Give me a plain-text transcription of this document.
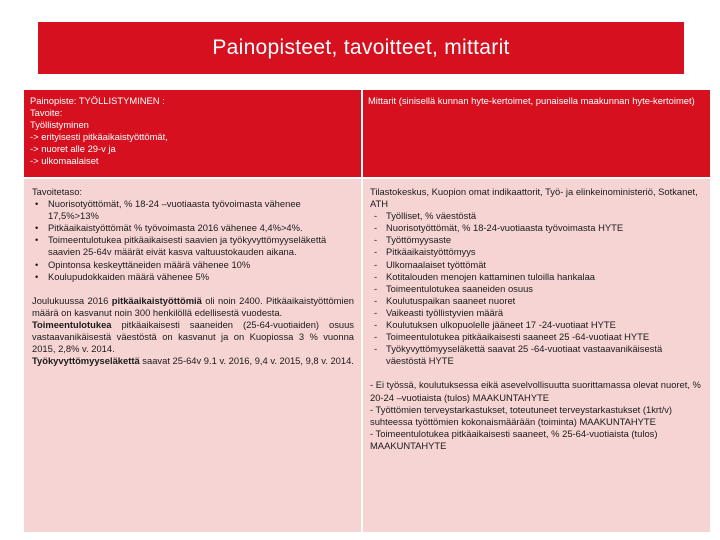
Painopisteet, tavoitteet, mittarit

Painopiste: TYÖLLISTYMINEN :

Tavoite:

Työllistyminen

-> erityisesti pitkäaikaistyöttömät,

-> nuoret alle 29-v ja

-> ulkomaalaiset

Mittarit (sinisellä kunnan hyte-kertoimet, punaisella maakunnan hyte-kertoimet)

Tavoitetaso:

• Nuorisotyöttömät, % 18-24 –vuotiaasta työvoimasta vähenee 17,5%>13%
• Pitkäaikaistyöttömät % työvoimasta 2016 vähenee 4,4%>4%.
• Toimeentulotukea pitkäaikaisesti saavien ja työkyvyttömyyseläkettä saavien 25-64v määrät eivät kasva valtuustokauden aikana.
• Opintonsa keskeyttäneiden määrä vähenee 10%
• Koulupudokkaiden määrä vähenee 5%

Joulukuussa 2016 pitkäaikaistyöttömiä oli noin 2400. Pitkäaikaistyöttömien määrä on kasvanut noin 300 henkilöllä edellisestä vuodesta.

Toimeentulotukea pitkäaikaisesti saaneiden (25-64-vuotiaiden) osuus vastaavanikäisestä väestöstä on kasvanut ja on Kuopiossa 3 % vuonna 2015, 2,8% v. 2014.

Työkyvyttömyyseläkettä saavat 25-64v 9.1 v. 2016, 9,4 v. 2015, 9,8 v. 2014.

Tilastokeskus, Kuopion omat indikaattorit, Työ- ja elinkeinoministeriö, Sotkanet, ATH

- Työlliset, % väestöstä
- Nuorisotyöttömät, % 18-24-vuotiaasta työvoimasta HYTE
- Työttömyysaste
- Pitkäaikaistyöttömyys
- Ulkomaalaiset työttömät
- Kotitalouden menojen kattaminen tuloilla hankalaa
- Toimeentulotukea saaneiden osuus
- Koulutuspaikan saaneet nuoret
- Vaikeasti työllistyvien määrä
- Koulutuksen ulkopuolelle jääneet 17 -24-vuotiaat HYTE
- Toimeentulotukea pitkäaikaisesti saaneet 25 -64-vuotiaat HYTE
- Työkyvyttömyyseläkettä saavat 25 -64-vuotiaat vastaavanikäisestä väestöstä HYTE

- Ei työssä, koulutuksessa eikä asevelvollisuutta suorittamassa olevat nuoret, % 20-24 –vuotiaista (tulos) MAAKUNTAHYTE

- Työttömien terveystarkastukset, toteutuneet terveystarkastukset (1krt/v) suhteessa työttömien kokonaismäärään (toiminta) MAAKUNTAHYTE

- Toimeentulotukea pitkäaikaisesti saaneet, % 25-64-vuotiaista (tulos) MAAKUNTAHYTE
